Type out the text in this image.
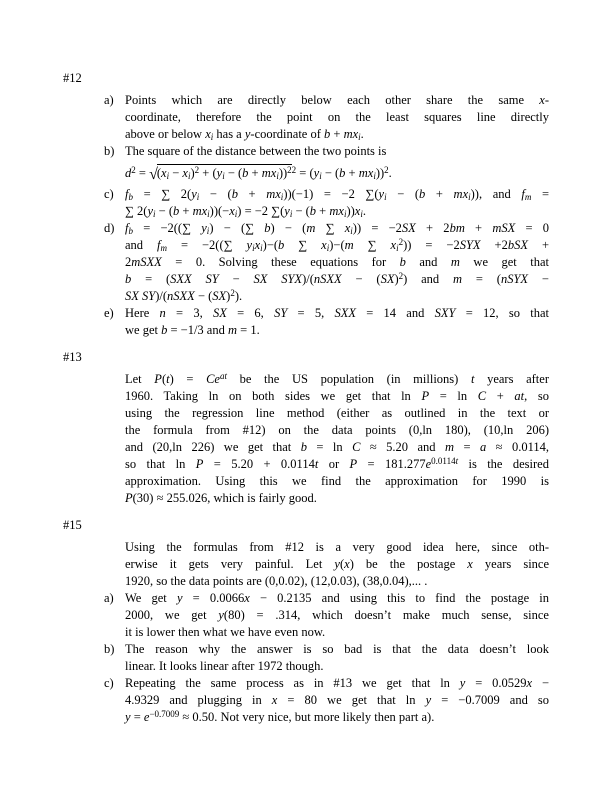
#12
a) Points which are directly below each other share the same x-
coordinate, therefore the point on the least squares line directly
above or below $x_i$ has a y-coordinate of $b + mx_i$.
b) The square of the distance between the two points is
$d^2 = √(x_i - x_i)^2 + (y_i - (b + mx_i))^{22} = (y_i - (b + mx_i))^2$.
c) $f_b$ = ∑ $2(y_i - (b + mx_i))(-1) = -2$ $\sum(y_i - (b + mx_i))$, and $f_m$ =
∑ $2(y_i - (b + mx_i))(-x_i) = -2$ $\sum(y_i - (b + mx_i))x_i$.
d) $f_b = -2((\sum$ $y_i$) − (∑ b) − (m ∑ $x_i)) = -2SX + 2bm$ + mSX = 0
and $f_m = -2((\sum$ $y_ix_i)-(b$ ∑ $x_i)-(m$ ∑ $x_i^2)) = -2SYX +2bSX$ +
2mSXX = 0. Solving these equations for b and m we get that
b = (SXX SY − SX SYX)/(nSXX − (SX)$^2$) and m = (nSYX −
SX SY)/(nSXX − (SX)$^2$).
e) Here n = 3, SX = 6, SY = 5, SXX = 14 and SXY = 12, so that
we get b = −1/3 and m = 1.
#13
Let $P(t) = Ce^{at}$ be the US population (in millions) t years after
1960. Taking ln on both sides we get that ln P = ln C + at, so
using the regression line method (either as outlined in the text or
the formula from #12) on the data points (0,ln 180), (10,ln 206)
and (20,ln 226) we get that b = ln C ≈ 5.20 and m = a ≈ 0.0114,
so that ln P = 5.20 + 0.0114t or $P = 181.277e^{0.0114t}$ is the desired
approximation. Using this we find the approximation for 1990 is
P(30) ≈ 255.026, which is fairly good.
#15
Using the formulas from #12 is a very good idea here, since oth-
erwise it gets very painful. Let y(x) be the postage x years since
1920, so the data points are (0,0.02), (12,0.03), (38,0.04),... .
a) We get y = 0.0066x − 0.2135 and using this to find the postage in
2000, we get y(80) = .314, which doesn’t make much sense, since
it is lower then what we have even now.
b) The reason why the answer is so bad is that the data doesn’t look
linear. It looks linear after 1972 though.
c) Repeating the same process as in #13 we get that ln y = 0.0529x −
4.9329 and plugging in x = 80 we get that ln y = −0.7009 and so
$y = e^{-0.7009} \approx 0.50$. Not very nice, but more likely then part a).
